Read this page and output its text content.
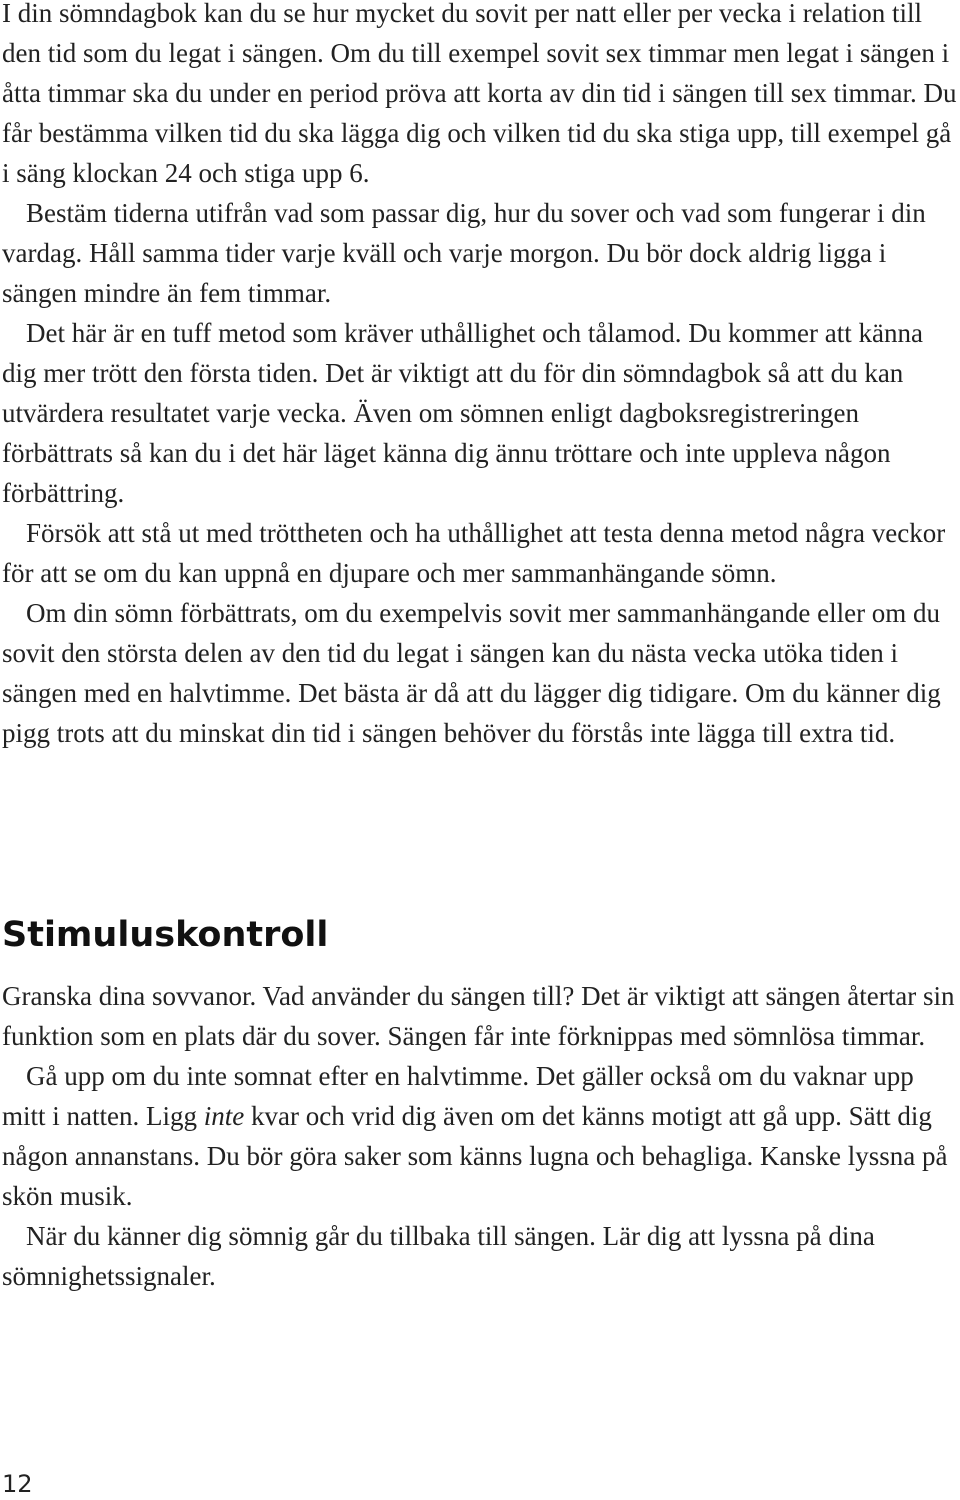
I din sömndagbok kan du se hur mycket du sovit per natt eller per vecka i relation till den tid som du legat i sängen. Om du till exempel sovit sex timmar men legat i sängen i åtta timmar ska du under en period pröva att korta av din tid i sängen till sex timmar. Du får bestämma vilken tid du ska lägga dig och vilken tid du ska stiga upp, till exempel gå i säng klockan 24 och stiga upp 6.

Bestäm tiderna utifrån vad som passar dig, hur du sover och vad som fungerar i din vardag. Håll samma tider varje kväll och varje morgon. Du bör dock aldrig ligga i sängen mindre än fem timmar.

Det här är en tuff metod som kräver uthållighet och tålamod. Du kommer att känna dig mer trött den första tiden. Det är viktigt att du för din sömndagbok så att du kan utvärdera resultatet varje vecka. Även om sömnen enligt dagboksregistreringen förbättrats så kan du i det här läget känna dig ännu tröttare och inte uppleva någon förbättring.

Försök att stå ut med tröttheten och ha uthållighet att testa denna metod några veckor för att se om du kan uppnå en djupare och mer sammanhängande sömn.

Om din sömn förbättrats, om du exempelvis sovit mer sammanhängande eller om du sovit den största delen av den tid du legat i sängen kan du nästa vecka utöka tiden i sängen med en halvtimme. Det bästa är då att du lägger dig tidigare. Om du känner dig pigg trots att du minskat din tid i sängen behöver du förstås inte lägga till extra tid.

Stimuluskontroll

Granska dina sovvanor. Vad använder du sängen till? Det är viktigt att sängen återtar sin funktion som en plats där du sover. Sängen får inte förknippas med sömnlösa timmar.

Gå upp om du inte somnat efter en halvtimme. Det gäller också om du vaknar upp mitt i natten. Ligg inte kvar och vrid dig även om det känns motigt att gå upp. Sätt dig någon annanstans. Du bör göra saker som känns lugna och behagliga. Kanske lyssna på skön musik.

När du känner dig sömnig går du tillbaka till sängen. Lär dig att lyssna på dina sömnighetssignaler.

12
